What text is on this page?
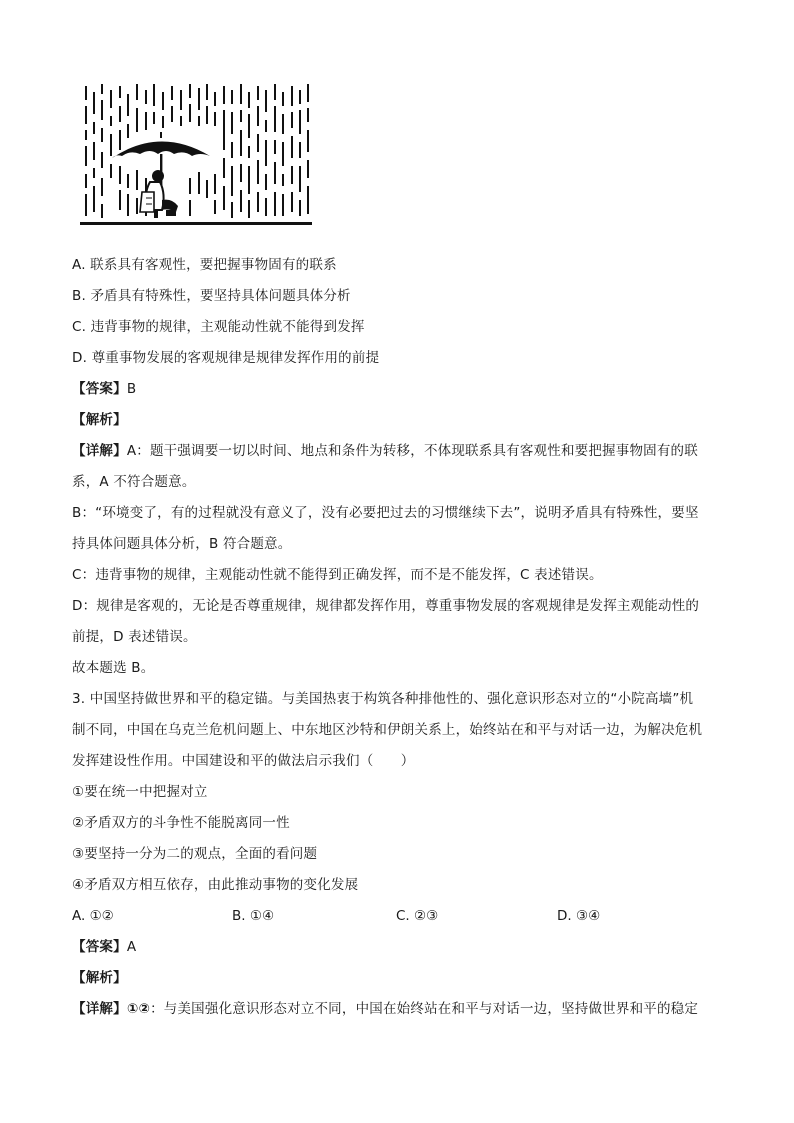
A. 联系具有客观性，要把握事物固有的联系
B. 矛盾具有特殊性，要坚持具体问题具体分析
C. 违背事物的规律，主观能动性就不能得到发挥
D. 尊重事物发展的客观规律是规律发挥作用的前提
【答案】B
【解析】
【详解】A：题干强调要一切以时间、地点和条件为转移，不体现联系具有客观性和要把握事物固有的联
系，A 不符合题意。
B：“环境变了，有的过程就没有意义了，没有必要把过去的习惯继续下去”，说明矛盾具有特殊性，要坚
持具体问题具体分析，B 符合题意。
C：违背事物的规律，主观能动性就不能得到正确发挥，而不是不能发挥，C 表述错误。
D：规律是客观的，无论是否尊重规律，规律都发挥作用，尊重事物发展的客观规律是发挥主观能动性的
前提，D 表述错误。
故本题选 B。
3. 中国坚持做世界和平的稳定锚。与美国热衷于构筑各种排他性的、强化意识形态对立的“小院高墙”机
制不同，中国在乌克兰危机问题上、中东地区沙特和伊朗关系上，始终站在和平与对话一边，为解决危机
发挥建设性作用。中国建设和平的做法启示我们（　　）
①要在统一中把握对立
②矛盾双方的斗争性不能脱离同一性
③要坚持一分为二的观点，全面的看问题
④矛盾双方相互依存，由此推动事物的变化发展
A. ①②	B. ①④	C. ②③	D. ③④
【答案】A
【解析】
【详解】①②：与美国强化意识形态对立不同，中国在始终站在和平与对话一边，坚持做世界和平的稳定
